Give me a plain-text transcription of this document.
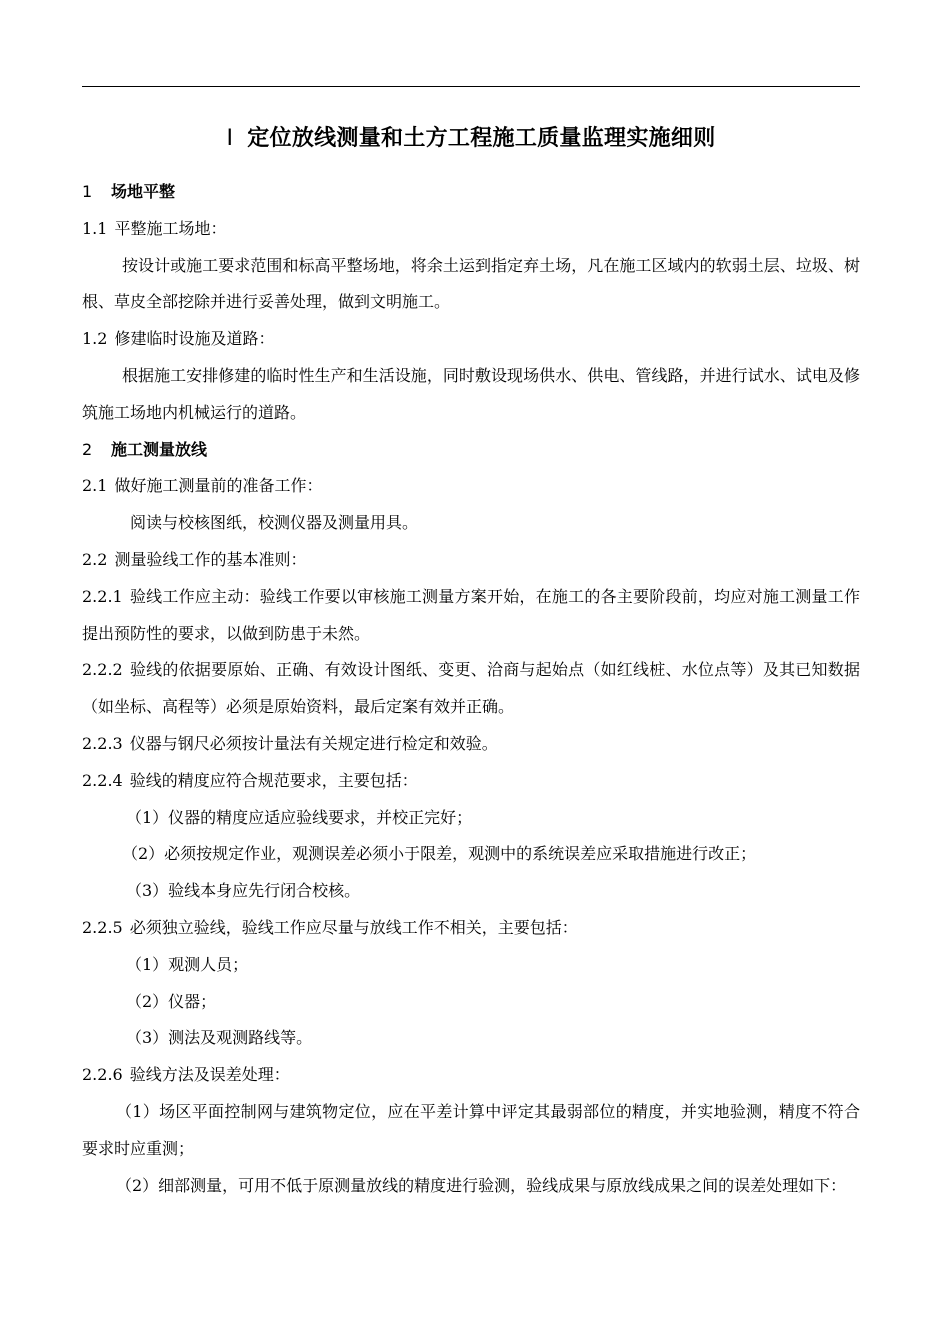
Ⅰ 定位放线测量和土方工程施工质量监理实施细则

1 场地平整

1.1 平整施工场地：

按设计或施工要求范围和标高平整场地，将余土运到指定弃土场，凡在施工区域内的软弱土层、垃圾、树根、草皮全部挖除并进行妥善处理，做到文明施工。

1.2 修建临时设施及道路：

根据施工安排修建的临时性生产和生活设施，同时敷设现场供水、供电、管线路，并进行试水、试电及修筑施工场地内机械运行的道路。

2 施工测量放线

2.1 做好施工测量前的准备工作：

阅读与校核图纸，校测仪器及测量用具。

2.2 测量验线工作的基本准则：

2.2.1 验线工作应主动：验线工作要以审核施工测量方案开始，在施工的各主要阶段前，均应对施工测量工作提出预防性的要求，以做到防患于未然。

2.2.2 验线的依据要原始、正确、有效设计图纸、变更、洽商与起始点（如红线桩、水位点等）及其已知数据（如坐标、高程等）必须是原始资料，最后定案有效并正确。

2.2.3 仪器与钢尺必须按计量法有关规定进行检定和效验。

2.2.4 验线的精度应符合规范要求，主要包括：

（1）仪器的精度应适应验线要求，并校正完好；

（2）必须按规定作业，观测误差必须小于限差，观测中的系统误差应采取措施进行改正；

（3）验线本身应先行闭合校核。

2.2.5 必须独立验线，验线工作应尽量与放线工作不相关，主要包括：

（1）观测人员；

（2）仪器；

（3）测法及观测路线等。

2.2.6 验线方法及误差处理：

（1）场区平面控制网与建筑物定位，应在平差计算中评定其最弱部位的精度，并实地验测，精度不符合要求时应重测；

（2）细部测量，可用不低于原测量放线的精度进行验测，验线成果与原放线成果之间的误差处理如下：
